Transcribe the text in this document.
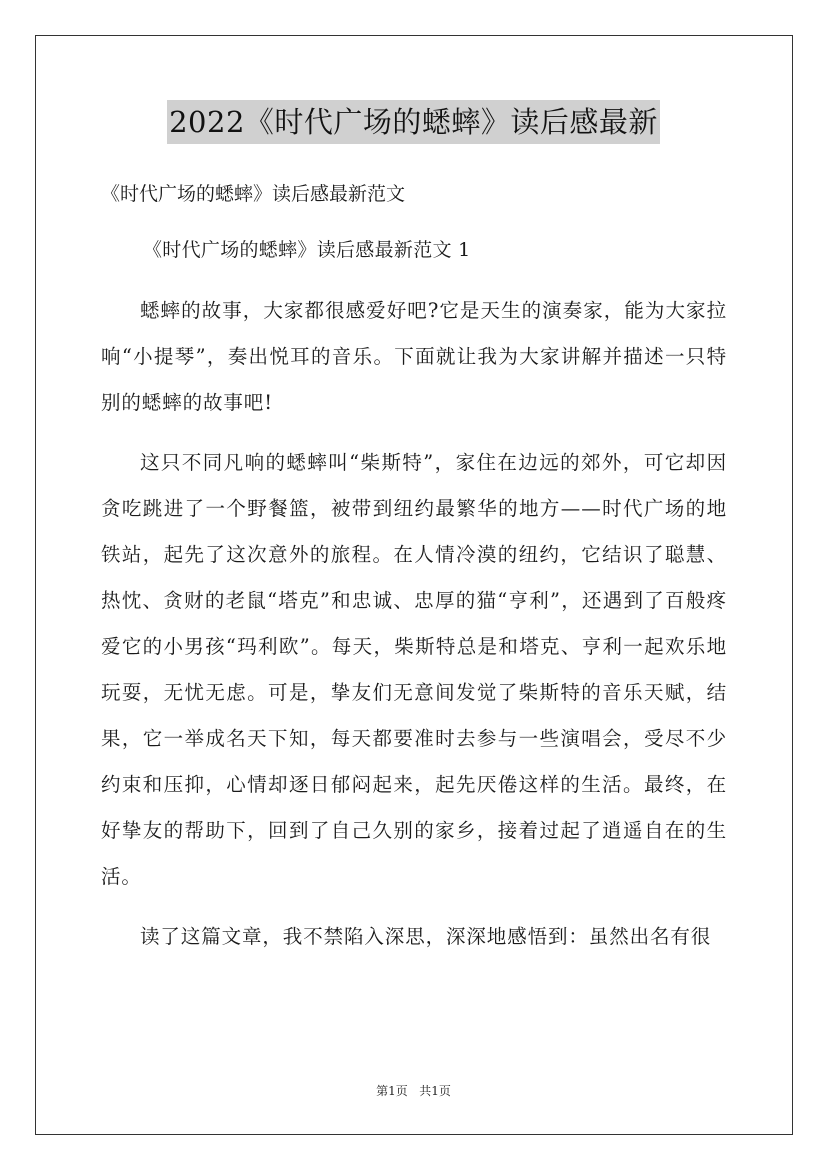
2022《时代广场的蟋蟀》读后感最新
《时代广场的蟋蟀》读后感最新范文
《时代广场的蟋蟀》读后感最新范文 1

蟋蟀的故事，大家都很感爱好吧?它是天生的演奏家，能为大家拉响“小提琴”，奏出悦耳的音乐。下面就让我为大家讲解并描述一只特别的蟋蟀的故事吧!

这只不同凡响的蟋蟀叫“柴斯特”，家住在边远的郊外，可它却因贪吃跳进了一个野餐篮，被带到纽约最繁华的地方——时代广场的地铁站，起先了这次意外的旅程。在人情冷漠的纽约，它结识了聪慧、热忱、贪财的老鼠“塔克”和忠诚、忠厚的猫“亨利”，还遇到了百般疼爱它的小男孩“玛利欧”。每天，柴斯特总是和塔克、亨利一起欢乐地玩耍，无忧无虑。可是，挚友们无意间发觉了柴斯特的音乐天赋，结果，它一举成名天下知，每天都要准时去参与一些演唱会，受尽不少约束和压抑，心情却逐日郁闷起来，起先厌倦这样的生活。最终，在好挚友的帮助下，回到了自己久别的家乡，接着过起了逍遥自在的生活。

读了这篇文章，我不禁陷入深思，深深地感悟到：虽然出名有很

第1页 共1页
